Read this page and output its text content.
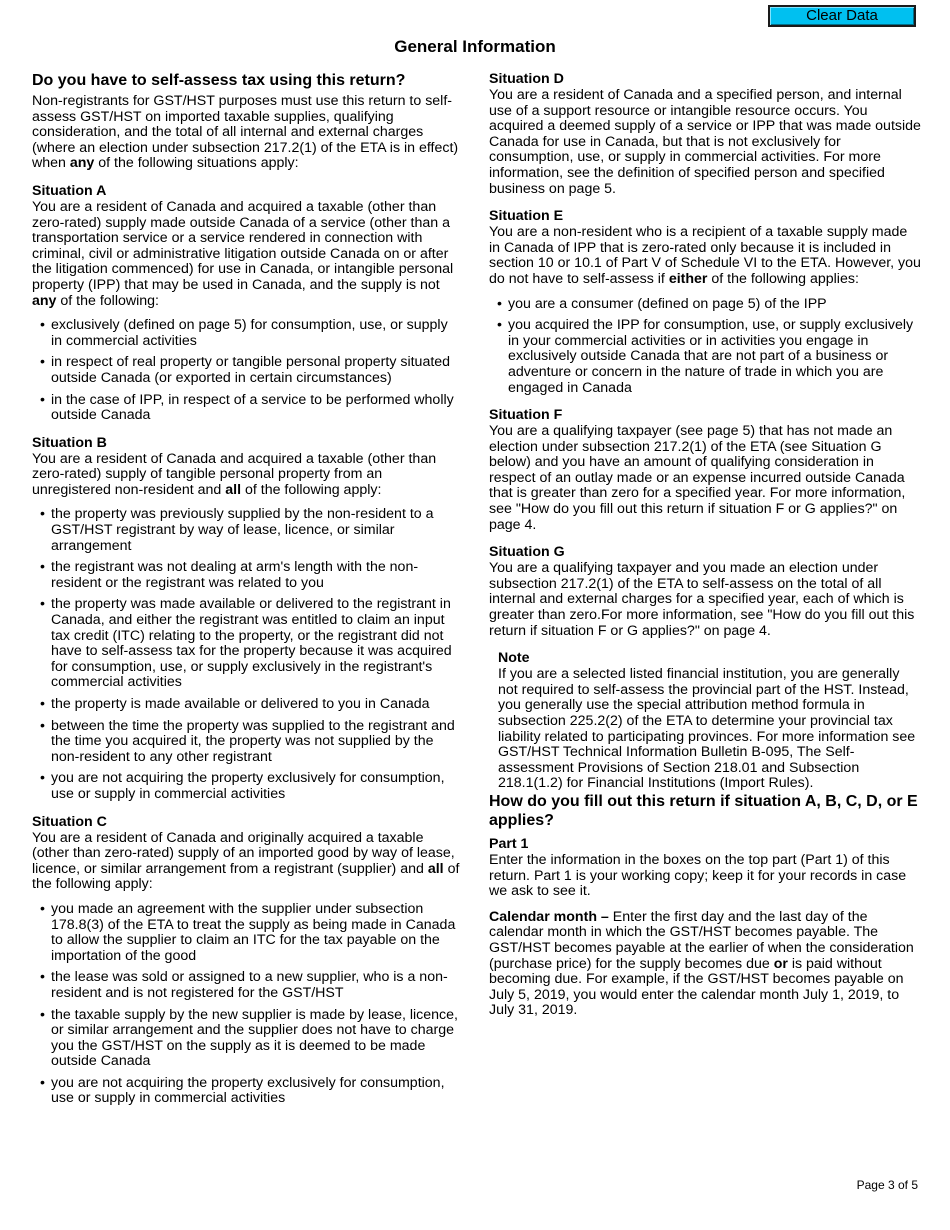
Clear Data
General Information
Do you have to self-assess tax using this return?

Non-registrants for GST/HST purposes must use this return to self-assess GST/HST on imported taxable supplies, qualifying consideration, and the total of all internal and external charges (where an election under subsection 217.2(1) of the ETA is in effect) when any of the following situations apply:

Situation A

You are a resident of Canada and acquired a taxable (other than zero-rated) supply made outside Canada of a service (other than a transportation service or a service rendered in connection with criminal, civil or administrative litigation outside Canada on or after the litigation commenced) for use in Canada, or intangible personal property (IPP) that may be used in Canada, and the supply is not any of the following:

• exclusively (defined on page 5) for consumption, use, or supply in commercial activities
• in respect of real property or tangible personal property situated outside Canada (or exported in certain circumstances)
• in the case of IPP, in respect of a service to be performed wholly outside Canada
Situation B

You are a resident of Canada and acquired a taxable (other than zero-rated) supply of tangible personal property from an unregistered non-resident and all of the following apply:

• the property was previously supplied by the non-resident to a GST/HST registrant by way of lease, licence, or similar arrangement
• the registrant was not dealing at arm's length with the non-resident or the registrant was related to you
• the property was made available or delivered to the registrant in Canada, and either the registrant was entitled to claim an input tax credit (ITC) relating to the property, or the registrant did not have to self-assess tax for the property because it was acquired for consumption, use, or supply exclusively in the registrant's commercial activities
• the property is made available or delivered to you in Canada
• between the time the property was supplied to the registrant and the time you acquired it, the property was not supplied by the non-resident to any other registrant
• you are not acquiring the property exclusively for consumption, use or supply in commercial activities
Situation C

You are a resident of Canada and originally acquired a taxable (other than zero-rated) supply of an imported good by way of lease, licence, or similar arrangement from a registrant (supplier) and all of the following apply:

• you made an agreement with the supplier under subsection 178.8(3) of the ETA to treat the supply as being made in Canada to allow the supplier to claim an ITC for the tax payable on the importation of the good
• the lease was sold or assigned to a new supplier, who is a non-resident and is not registered for the GST/HST
• the taxable supply by the new supplier is made by lease, licence, or similar arrangement and the supplier does not have to charge you the GST/HST on the supply as it is deemed to be made outside Canada
• you are not acquiring the property exclusively for consumption, use or supply in commercial activities
Situation D

You are a resident of Canada and a specified person, and internal use of a support resource or intangible resource occurs. You acquired a deemed supply of a service or IPP that was made outside Canada for use in Canada, but that is not exclusively for consumption, use, or supply in commercial activities. For more information, see the definition of specified person and specified business on page 5.

Situation E

You are a non-resident who is a recipient of a taxable supply made in Canada of IPP that is zero-rated only because it is included in section 10 or 10.1 of Part V of Schedule VI to the ETA. However, you do not have to self-assess if either of the following applies:

• you are a consumer (defined on page 5) of the IPP
• you acquired the IPP for consumption, use, or supply exclusively in your commercial activities or in activities you engage in exclusively outside Canada that are not part of a business or adventure or concern in the nature of trade in which you are engaged in Canada
Situation F

You are a qualifying taxpayer (see page 5) that has not made an election under subsection 217.2(1) of the ETA (see Situation G below) and you have an amount of qualifying consideration in respect of an outlay made or an expense incurred outside Canada that is greater than zero for a specified year. For more information, see "How do you fill out this return if situation F or G applies?" on page 4.

Situation G

You are a qualifying taxpayer and you made an election under subsection 217.2(1) of the ETA to self-assess on the total of all internal and external charges for a specified year, each of which is greater than zero.For more information, see "How do you fill out this return if situation F or G applies?" on page 4.

Note

If you are a selected listed financial institution, you are generally not required to self-assess the provincial part of the HST. Instead, you generally use the special attribution method formula in subsection 225.2(2) of the ETA to determine your provincial tax liability related to participating provinces. For more information see GST/HST Technical Information Bulletin B-095, The Self-assessment Provisions of Section 218.01 and Subsection 218.1(1.2) for Financial Institutions (Import Rules).

How do you fill out this return if situation A, B, C, D, or E applies?
Part 1

Enter the information in the boxes on the top part (Part 1) of this return. Part 1 is your working copy; keep it for your records in case we ask to see it.

Calendar month – Enter the first day and the last day of the calendar month in which the GST/HST becomes payable. The GST/HST becomes payable at the earlier of when the consideration (purchase price) for the supply becomes due or is paid without becoming due. For example, if the GST/HST becomes payable on July 5, 2019, you would enter the calendar month July 1, 2019, to July 31, 2019.

Page 3 of 5
